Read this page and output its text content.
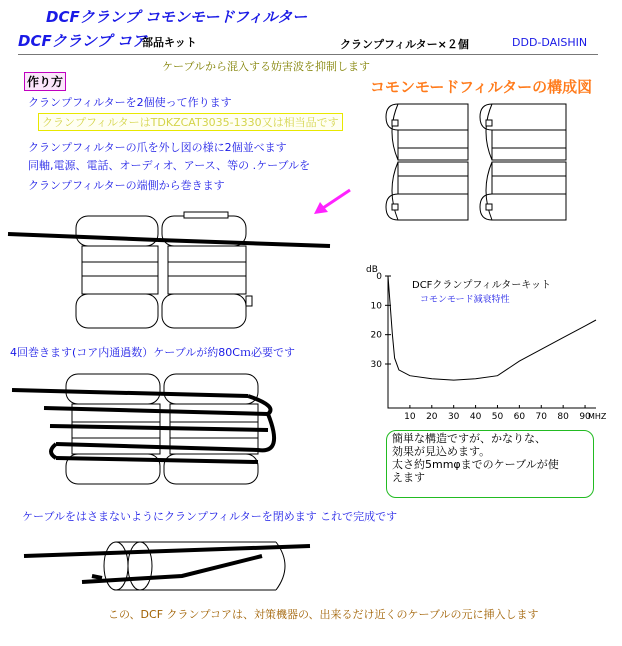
DCFクランプ コモンモードフィルター
DCFクランプ コア
部品キット	クランプフィルター×２個	DDD-DAISHIN
ケーブルから混入する妨害波を抑制します
作り方	コモンモードフィルターの構成図
クランプフィルターを2個使って作ります
クランプフィルターはTDKZCAT3035-1330又は相当品です
クランプフィルターの爪を外し図の様に2個並べます
同軸,電源、電話、オーディオ、アース、等の .ケーブルを
クランプフィルターの端側から巻きます
4回巻きます(コア内通過数）ケーブルが約80Cｍ必要です
ケーブルをはさまないようにクランプフィルターを閉めます これで完成です
この、DCF クランプコアは、対策機器の、出来るだけ近くのケーブルの元に挿入します
dB
MHZ
DCFクランプフィルターキット
コモンモード減衰特性
10 20 30 40 50 60 70 80 90
0
10
20
30
簡単な構造ですが、かなりな、
効果が見込めます。
太さ約5mmφまでのケーブルが使
えます
